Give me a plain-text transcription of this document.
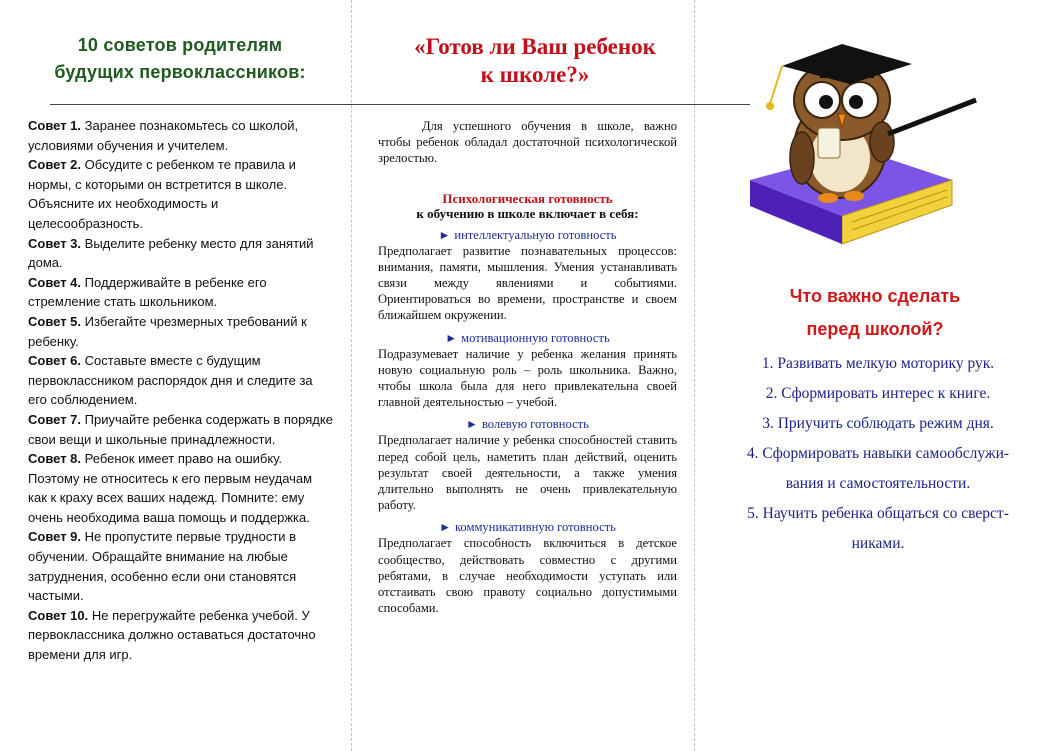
10 советов родителям
будущих первоклассников:

Совет 1. Заранее познакомьтесь со школой, условиями обучения и учителем.

Совет 2. Обсудите с ребенком те правила и нормы, с которыми он встретится в школе. Объясните их необходимость и целесообразность.

Совет 3. Выделите ребенку место для занятий дома.

Совет 4. Поддерживайте в ребенке его стремление стать школьником.

Совет 5. Избегайте чрезмерных требований к ребенку.

Совет 6. Составьте вместе с будущим первоклассником распорядок дня и следите за его соблюдением.

Совет 7. Приучайте ребенка содержать в порядке свои вещи и школьные принадлежности.

Совет 8. Ребенок имеет право на ошибку. Поэтому не относитесь к его первым неудачам как к краху всех ваших надежд. Помните: ему очень необходима ваша помощь и поддержка.

Совет 9. Не пропустите первые трудности в обучении. Обращайте внимание на любые затруднения, особенно если они становятся частыми.

Совет 10. Не перегружайте ребенка учебой. У первоклассника должно оставаться достаточно времени для игр.

«Готов ли Ваш ребенок
к школе?»

Для успешного обучения в школе, важно чтобы ребенок обладал достаточной психологической зрелостью.

Психологическая готовность
к обучению в школе включает в себя:
► интеллектуальную готовность

Предполагает развитие познавательных процессов: внимания, памяти, мышления. Умения устанавливать связи между явлениями и событиями. Ориентироваться во времени, пространстве и своем ближайшем окружении.

► мотивационную готовность

Подразумевает наличие у ребенка желания принять новую социальную роль – роль школьника. Важно, чтобы школа была для него привлекательна своей главной деятельностью – учебой.

► волевую готовность

Предполагает наличие у ребенка способностей ставить перед собой цель, наметить план действий, оценить результат своей деятельности, а также умения длительно выполнять не очень привлекательную работу.

► коммуникативную готовность

Предполагает способность включиться в детское сообщество, действовать совместно с другими ребятами, в случае необходимости уступать или отстаивать свою правоту социально допустимыми способами.

Что важно сделать
перед школой?
1. Развивать мелкую моторику рук.
2. Сформировать интерес к книге.
3. Приучить соблюдать режим дня.
4. Сформировать навыки самообслужи-
вания и самостоятельности.
5. Научить ребенка общаться со сверст-
никами.
